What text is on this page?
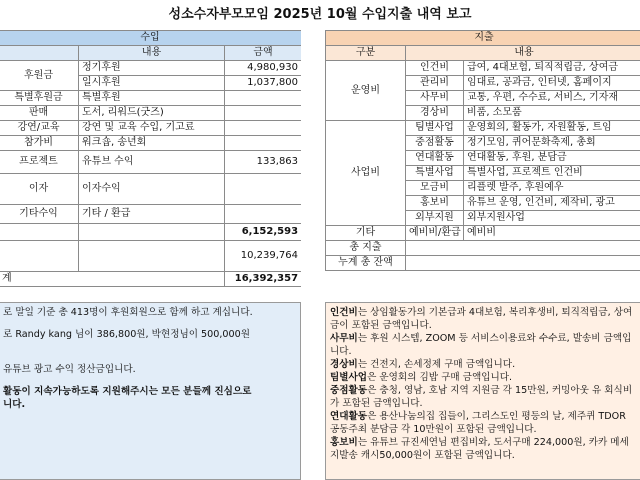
성소수자부모모임 2025년 10월 수입지출 내역 보고
수입		
	내용	금액
후원금	정기후원	4,980,930
	일시후원	1,037,800
특별후원금	특별후원	
판매	도서, 리워드(굿즈)	
강연/교육	강연 및 교육 수입, 기고료	
참가비	워크숍, 송년회	
프로젝트	유튜브 수익	133,863
이자	이자수익	
기타수익	기타 / 환급	
		6,152,593
		10,239,764
계		16,392,357
지출		
구분	내용	
운영비	인건비	급여, 4대보험, 퇴직적립금, 상여금
	관리비	임대료, 공과금, 인터넷, 홈페이지
	사무비	교통, 우편, 수수료, 서비스, 기자재
	경상비	비품, 소모품
사업비	팀별사업	운영회의, 활동가, 자원활동, 트임
	중점활동	정기모임, 퀴어문화축제, 총회
	연대활동	연대활동, 후원, 분담금
	특별사업	특별사업, 프로젝트 인건비
	모금비	리플렛 발주, 후원예우
	홍보비	유튜브 운영, 인건비, 제작비, 광고
	외부지원	외부지원사업
기타	예비비/환급	예비비
총 지출		
누계 총 잔액		

로 말일 기준 총 413명이 후원회원으로 함께 하고 계십니다.

로 Randy kang 님이 386,800원, 박현정님이 500,000원

유튜브 광고 수익 정산금입니다.

활동이 지속가능하도록 지원해주시는 모든 분들께 진심으로
니다.

인건비는 상임활동가의 기본급과 4대보험, 복리후생비, 퇴직적립금, 상여금이 포함된 금액입니다.

사무비는 후원 시스템, ZOOM 등 서비스이용료와 수수료, 발송비 금액입니다.

경상비는 건전지, 손세정제 구매 금액입니다.

팀별사업은 운영회의 김밥 구매 금액입니다.

중점활동은 충청, 영남, 호남 지역 지원금 각 15만원, 커밍아웃 유 회식비가 포함된 금액입니다.

연대활동은 용산나눔의집 집들이, 그리스도인 평등의 날, 제주퀴 TDOR 공동주최 분담금 각 10만원이 포함된 금액입니다.

홍보비는 유튜브 규진세연님 편집비와, 도서구매 224,000원, 카카 메세지발송 캐시50,000원이 포함된 금액입니다.
